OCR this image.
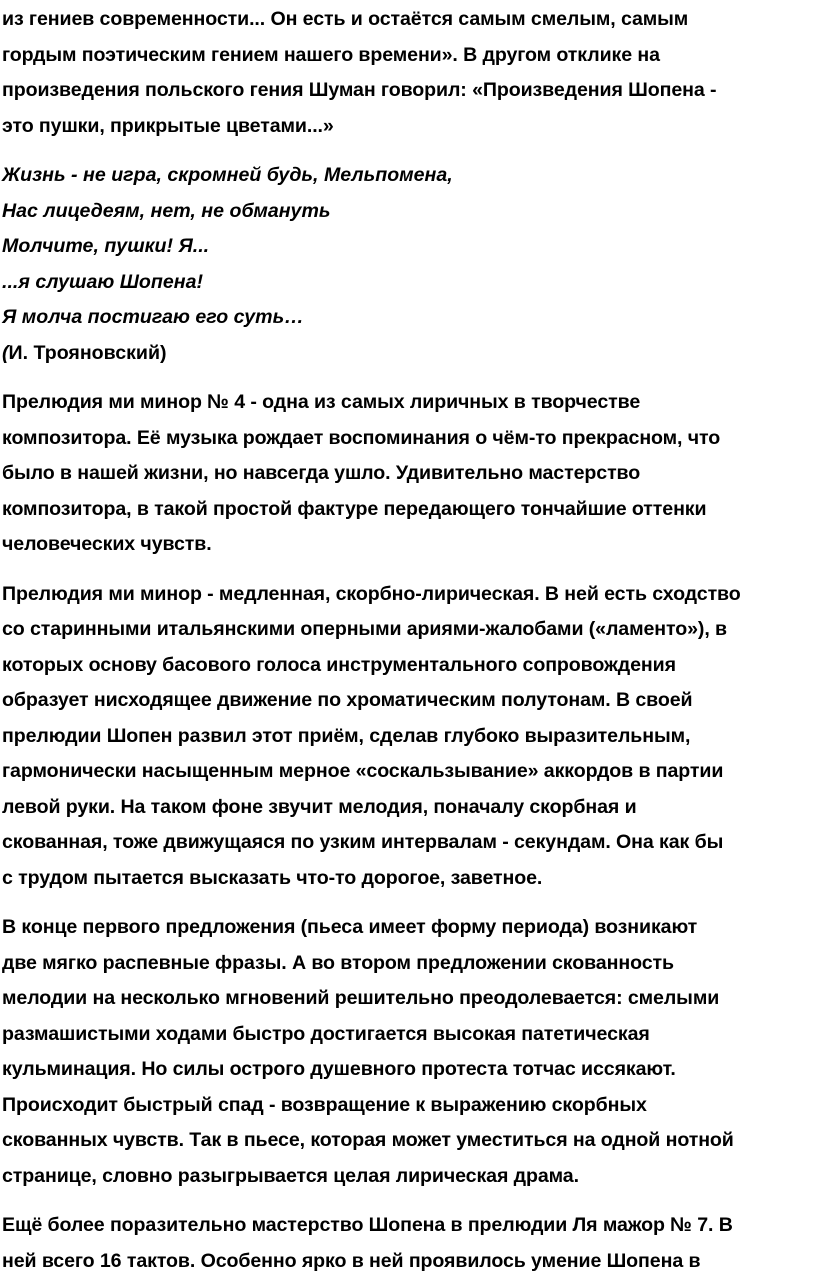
из гениев современности... Он есть и остаётся самым смелым, самым

гордым поэтическим гением нашего времени». В другом отклике на

произведения польского гения Шуман говорил: «Произведения Шопена -

это пушки, прикрытые цветами...»

Жизнь - не игра, скромней будь, Мельпомена,

Нас лицедеям, нет, не обмануть

Молчите, пушки! Я...

...я слушаю Шопена!

Я молча постигаю его суть…

(И. Трояновский)

Прелюдия ми минор № 4 - одна из самых лиричных в творчестве

композитора. Её музыка рождает воспоминания о чём-то прекрасном, что

было в нашей жизни, но навсегда ушло. Удивительно мастерство

композитора, в такой простой фактуре передающего тончайшие оттенки

человеческих чувств.

Прелюдия ми минор - медленная, скорбно-лирическая. В ней есть сходство

со старинными итальянскими оперными ариями-жалобами («ламенто»), в

которых основу басового голоса инструментального сопровождения

образует нисходящее движение по хроматическим полутонам. В своей

прелюдии Шопен развил этот приём, сделав глубоко выразительным,

гармонически насыщенным мерное «соскальзывание» аккордов в партии

левой руки. На таком фоне звучит мелодия, поначалу скорбная и

скованная, тоже движущаяся по узким интервалам - секундам. Она как бы

с трудом пытается высказать что-то дорогое, заветное.

В конце первого предложения (пьеса имеет форму периода) возникают

две мягко распевные фразы. А во втором предложении скованность

мелодии на несколько мгновений решительно преодолевается: смелыми

размашистыми ходами быстро достигается высокая патетическая

кульминация. Но силы острого душевного протеста тотчас иссякают.

Происходит быстрый спад - возвращение к выражению скорбных

скованных чувств. Так в пьесе, которая может уместиться на одной нотной

странице, словно разыгрывается целая лирическая драма.

Ещё более поразительно мастерство Шопена в прелюдии Ля мажор № 7. В

ней всего 16 тактов. Особенно ярко в ней проявилось умение Шопена в
